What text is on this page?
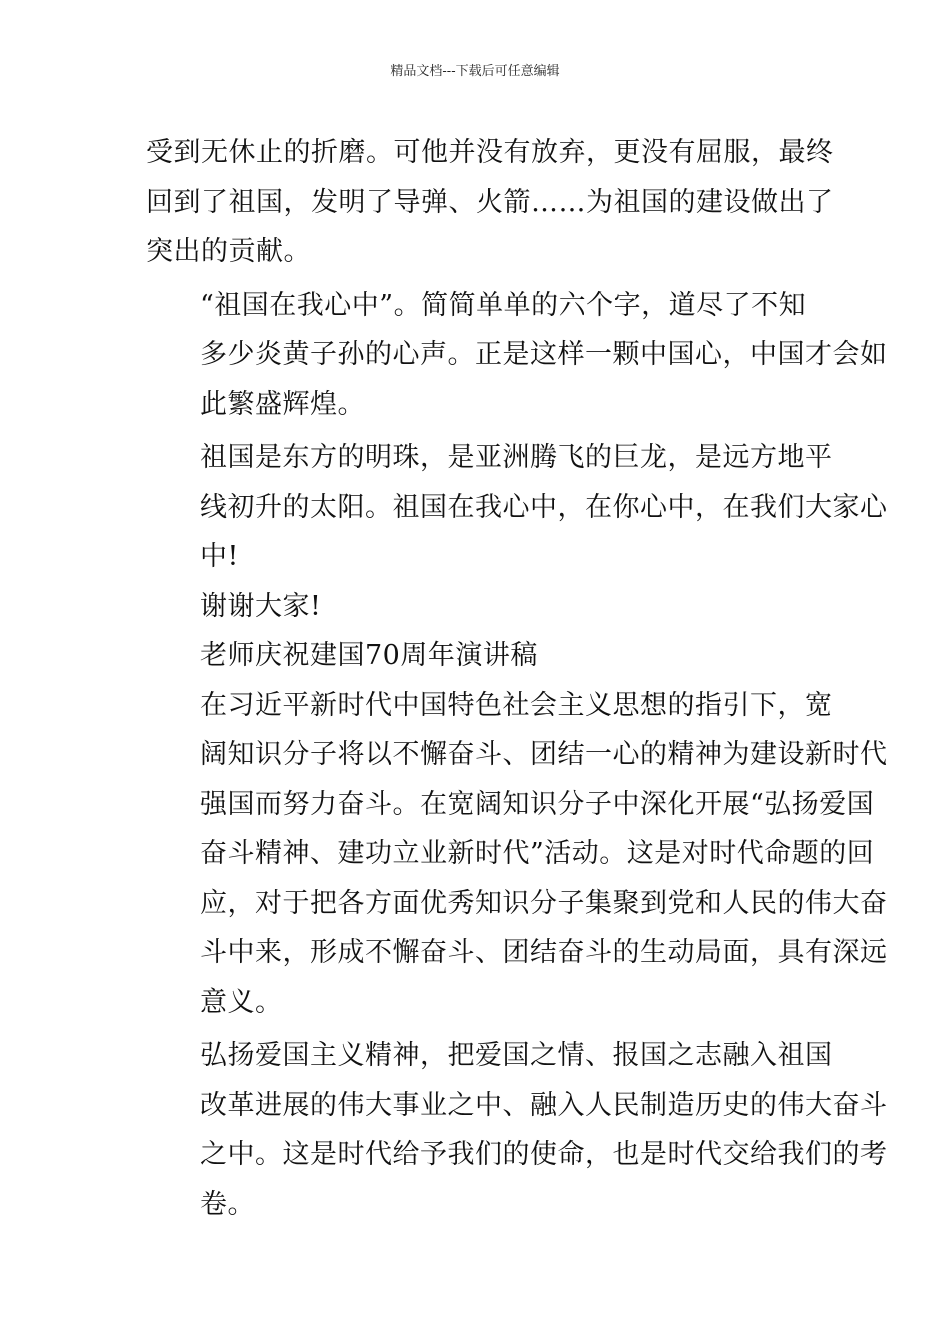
精品文档---下载后可任意编辑

受到无休止的折磨。可他并没有放弃，更没有屈服，最终
回到了祖国，发明了导弹、火箭……为祖国的建设做出了
突出的贡献。

“祖国在我心中”。简简单单的六个字，道尽了不知
多少炎黄子孙的心声。正是这样一颗中国心，中国才会如
此繁盛辉煌。

祖国是东方的明珠，是亚洲腾飞的巨龙，是远方地平
线初升的太阳。祖国在我心中，在你心中，在我们大家心
中!

谢谢大家!

老师庆祝建国70周年演讲稿

在习近平新时代中国特色社会主义思想的指引下，宽
阔知识分子将以不懈奋斗、团结一心的精神为建设新时代
强国而努力奋斗。在宽阔知识分子中深化开展“弘扬爱国
奋斗精神、建功立业新时代”活动。这是对时代命题的回
应，对于把各方面优秀知识分子集聚到党和人民的伟大奋
斗中来，形成不懈奋斗、团结奋斗的生动局面，具有深远
意义。

弘扬爱国主义精神，把爱国之情、报国之志融入祖国
改革进展的伟大事业之中、融入人民制造历史的伟大奋斗
之中。这是时代给予我们的使命，也是时代交给我们的考
卷。
